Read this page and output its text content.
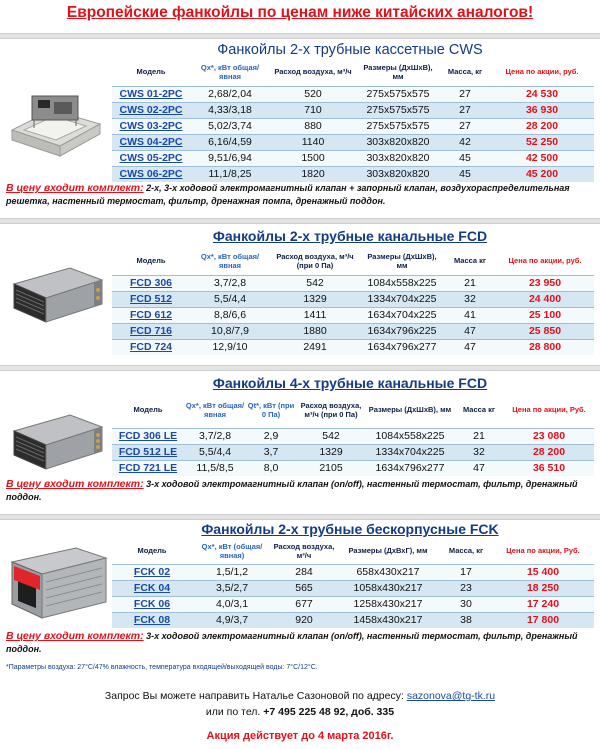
Европейские фанкойлы по ценам ниже китайских аналогов!
Фанкойлы 2-х трубные кассетные CWS
Модель	Qх*, кВт общая/ явная	Расход воздуха, м³/ч	Размеры (ДхШхВ), мм	Масса, кг	Цена по акции, руб.
CWS 01-2PC	2,68/2,04	520	275x575x575	27	24 530
CWS 02-2PC	4,33/3,18	710	275x575x575	27	36 930
CWS 03-2PC	5,02/3,74	880	275x575x575	27	28 200
CWS 04-2PC	6,16/4,59	1140	303x820x820	42	52 250
CWS 05-2PC	9,51/6,94	1500	303x820x820	45	42 500
CWS 06-2PC	11,1/8,25	1820	303x820x820	45	45 200
В цену входит комплект: 2-х, 3-х ходовой электромагнитный клапан + запорный клапан, воздухораспределительная решетка, настенный термостат, фильтр, дренажная помпа, дренажный поддон.
Фанкойлы 2-х трубные канальные FCD
Модель	Qх*, кВт общая/ явная	Расход воздуха, м³/ч (при 0 Па)	Размеры (ДхШхВ), мм	Масса кг	Цена по акции, руб.
FCD 306	3,7/2,8	542	1084x558x225	21	23 950
FCD 512	5,5/4,4	1329	1334x704x225	32	24 400
FCD 612	8,8/6,6	1411	1634x704x225	41	25 100
FCD 716	10,8/7,9	1880	1634x796x225	47	25 850
FCD 724	12,9/10	2491	1634x796x277	47	28 800
Фанкойлы 4-х трубные канальные FCD
Модель	Qх*, кВт общая/ явная	Qt*, кВт (при 0 Па)	Расход воздуха, м³/ч (при 0 Па)	Размеры (ДхШхВ), мм	Масса кг	Цена по акции, Руб.
FCD 306 LE	3,7/2,8	2,9	542	1084x558x225	21	23 080
FCD 512 LE	5,5/4,4	3,7	1329	1334x704x225	32	28 200
FCD 721 LE	11,5/8,5	8,0	2105	1634x796x277	47	36 510
В цену входит комплект: 3-х ходовой электромагнитный клапан (on/off), настенный термостат, фильтр, дренажный поддон.
Фанкойлы 2-х трубные бескорпусные FCK
Модель	Qх*, кВт (общая/явная)	Расход воздуха, м³/ч	Размеры (ДхВхГ), мм	Масса, кг	Цена по акции, Руб.
FCK 02	1,5/1,2	284	658x430x217	17	15 400
FCK 04	3,5/2,7	565	1058x430x217	23	18 250
FCK 06	4,0/3,1	677	1258x430x217	30	17 240
FCK 08	4,9/3,7	920	1458x430x217	38	17 800
В цену входит комплект: 3-х ходовой электромагнитный клапан (on/off), настенный термостат, фильтр, дренажный поддон.
*Параметры воздуха: 27°C/47% влажность, температура входящей/выходящей воды: 7°C/12°C.
Запрос Вы можете направить Наталье Сазоновой по адресу: sazonova@tg-tk.ru
или по тел. +7 495 225 48 92, доб. 335
Акция действует до 4 марта 2016г.
